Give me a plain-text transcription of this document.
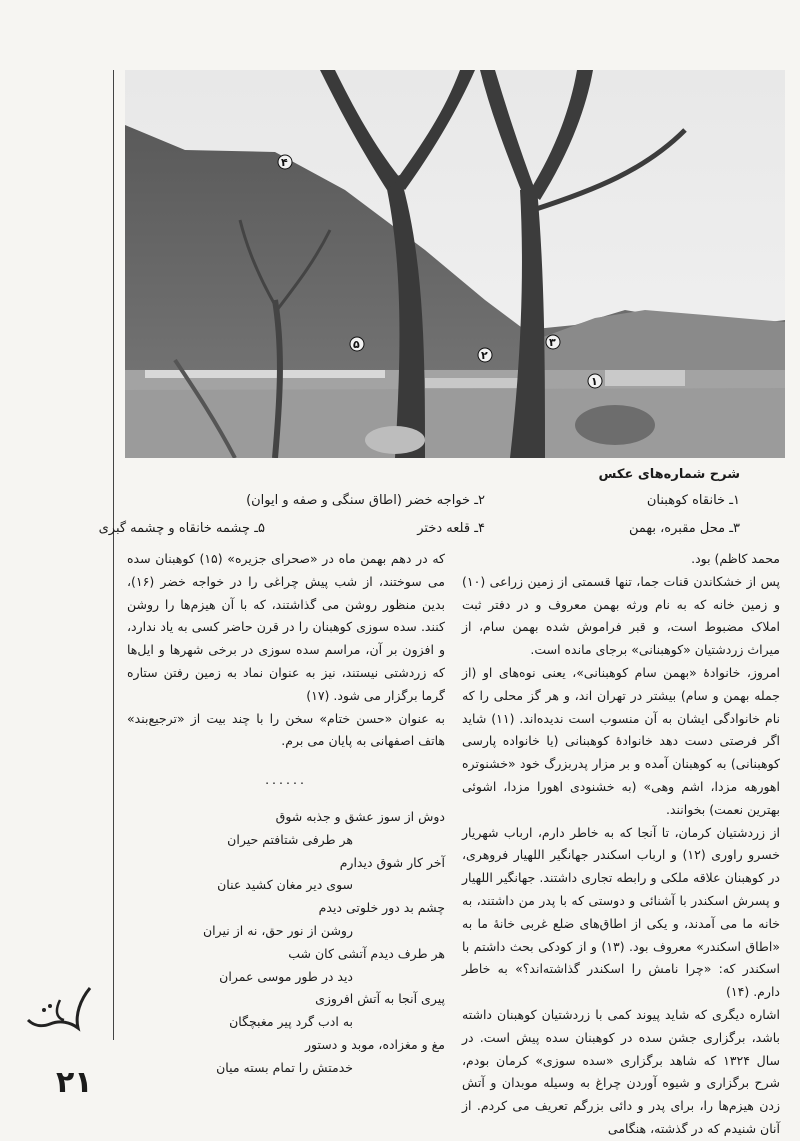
۱
۲
۳
۴
۵
شرح شماره‌های عکس
۱ـ خانقاه کوهبنان
۲ـ خواجه خضر (اطاق سنگی و صفه و ایوان)
۳ـ محل مقبره، بهمن
۴ـ قلعه دختر
۵ـ چشمه خانقاه و چشمه گبری

محمد کاظم) بود.

پس از خشکاندن قنات جما، تنها قسمتی از زمین زراعی (۱۰) و زمین خانه که به نام ورثه بهمن معروف و در دفتر ثبت املاک مضبوط است، و قبر فراموش شده بهمن سام، از میراث زردشتیان «کوهبنانی» برجای مانده است.

امروز، خانوادهٔ «بهمن سام کوهبنانی»، یعنی نوه‌های او (از جمله بهمن و سام) بیشتر در تهران اند، و هر گز محلی را که نام خانوادگی ایشان به آن منسوب است ندیده‌اند. (۱۱) شاید اگر فرصتی دست دهد خانوادهٔ کوهبنانی (یا خانواده پارسی کوهبنانی) به کوهبنان آمده و بر مزار پدربزرگ خود «خشنوتره اهورهه مزدا، اشم وهی» (به خشنودی اهورا مزدا، اشوئی بهترین نعمت) بخوانند.

از زردشتیان کرمان، تا آنجا که به خاطر دارم، ارباب شهریار خسرو راوری (۱۲) و ارباب اسکندر جهانگیر اللهیار فروهری، در کوهبنان علاقه ملکی و رابطه تجاری داشتند. جهانگیر اللهیار و پسرش اسکندر با آشنائی و دوستی که با پدر من داشتند، به خانه ما می آمدند، و یکی از اطاق‌های ضلع غربی خانهٔ ما به «اطاق اسکندر» معروف بود. (۱۳) و از کودکی بحث داشتم با اسکندر که: «چرا نامش را اسکندر گذاشته‌اند؟» به خاطر دارم. (۱۴)

اشاره دیگری که شاید پیوند کمی با زردشتیان کوهبنان داشته باشد، برگزاری جشن سده در کوهبنان سده پیش است. در سال ۱۳۲۴ که شاهد برگزاری «سده سوزی» کرمان بودم، شرح برگزاری و شیوه آوردن چراغ به وسیله موبدان و آتش زدن هیزم‌ها را، برای پدر و دائی بزرگم تعریف می کردم. از آنان شنیدم که در گذشته، هنگامی

که در دهم بهمن ماه در «صحرای جزیره» (۱۵) کوهبنان سده می سوختند، از شب پیش چراغی را در خواجه خضر (۱۶)، بدین منظور روشن می گذاشتند، که با آن هیزم‌ها را روشن کنند. سده سوزی کوهبنان را در قرن حاضر کسی به یاد ندارد، و افزون بر آن، مراسم سده سوزی در برخی شهرها و ایل‌ها که زردشتی نیستند، نیز به عنوان نماد به زمین رفتن ستاره گرما برگزار می شود. (۱۷)

به عنوان «حسن ختام» سخن را با چند بیت از «ترجیع‌بند» هاتف اصفهانی به پایان می برم.

......
دوش از سوز عشق و جذبه شوق
هر طرفی شتافتم حیران
آخر کار شوق دیدارم
سوی دیر مغان کشید عنان
چشم بد دور خلوتی دیدم
روشن از نور حق، نه از نیران
هر طرف دیدم آتشی کان شب
دید در طور موسی عمران
پیری آنجا به آتش افروزی
به ادب گرد پیر مغبچگان
مغ و مغزاده، موبد و دستور
خدمتش را تمام بسته میان
۲۱
